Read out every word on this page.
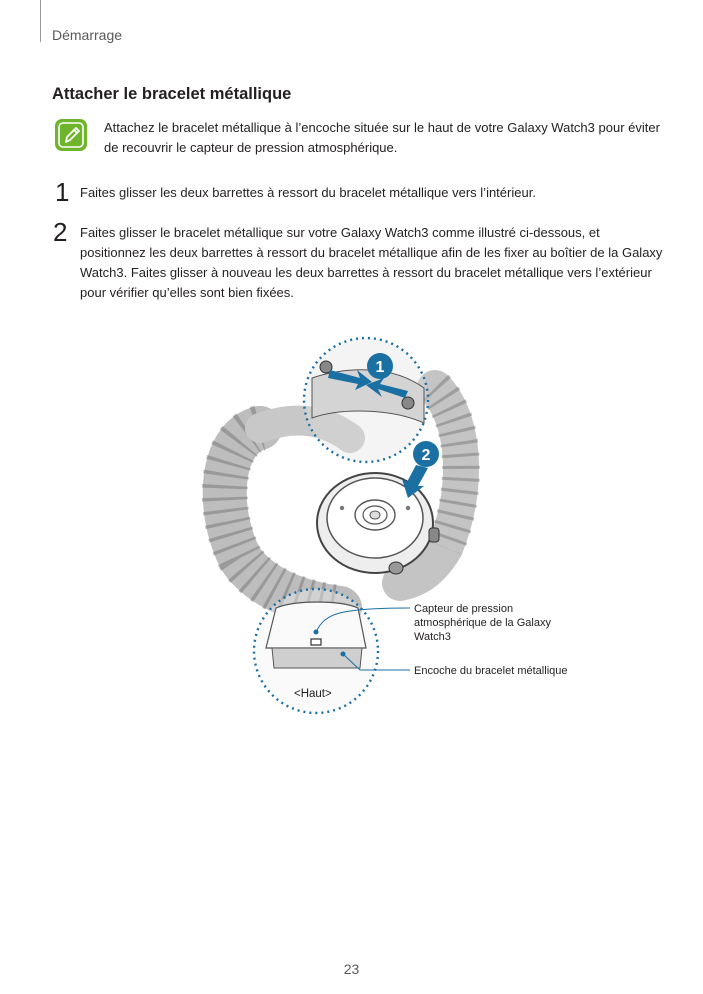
Démarrage
Attacher le bracelet métallique
Attachez le bracelet métallique à l’encoche située sur le haut de votre Galaxy Watch3 pour éviter de recouvrir le capteur de pression atmosphérique.
1 Faites glisser les deux barrettes à ressort du bracelet métallique vers l’intérieur.
2 Faites glisser le bracelet métallique sur votre Galaxy Watch3 comme illustré ci-dessous, et positionnez les deux barrettes à ressort du bracelet métallique afin de les fixer au boîtier de la Galaxy Watch3. Faites glisser à nouveau les deux barrettes à ressort du bracelet métallique vers l’extérieur pour vérifier qu’elles sont bien fixées.
1
2
Capteur de pression atmosphérique de la Galaxy Watch3
Encoche du bracelet métallique
<Haut>
23
